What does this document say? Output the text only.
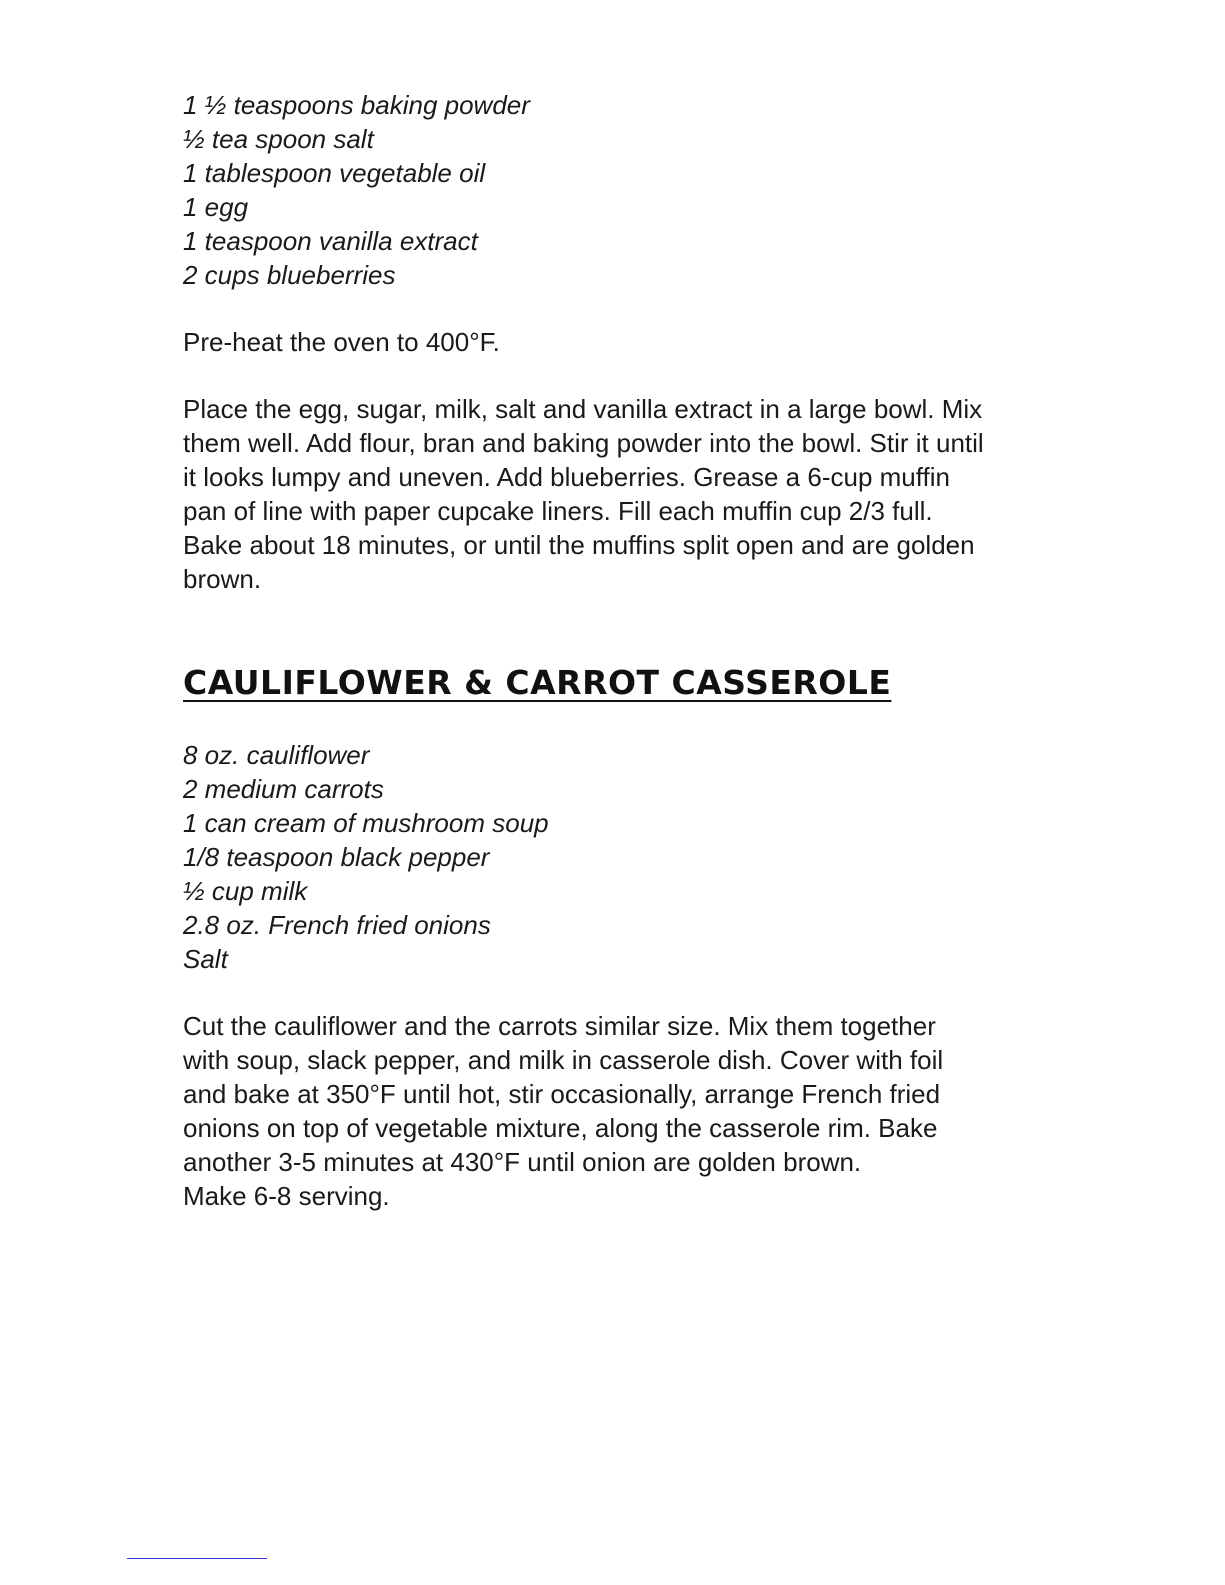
1 ½ teaspoons baking powder
½ tea spoon salt
1 tablespoon vegetable oil
1 egg
1 teaspoon vanilla extract
2 cups blueberries

Pre-heat the oven to 400°F.

Place the egg, sugar, milk, salt and vanilla extract in a large bowl. Mix
them well. Add flour, bran and baking powder into the bowl. Stir it until
it looks lumpy and uneven. Add blueberries. Grease a 6-cup muffin
pan of line with paper cupcake liners. Fill each muffin cup 2/3 full.
Bake about 18 minutes, or until the muffins split open and are golden
brown.
CAULIFLOWER & CARROT CASSEROLE
8 oz. cauliflower
2 medium carrots
1 can cream of mushroom soup
1/8 teaspoon black pepper
½ cup milk
2.8 oz. French fried onions
Salt
Cut the cauliflower and the carrots similar size. Mix them together
with soup, slack pepper, and milk in casserole dish. Cover with foil
and bake at 350°F until hot, stir occasionally, arrange French fried
onions on top of vegetable mixture, along the casserole rim. Bake
another 3-5 minutes at 430°F until onion are golden brown.
Make 6-8 serving.
